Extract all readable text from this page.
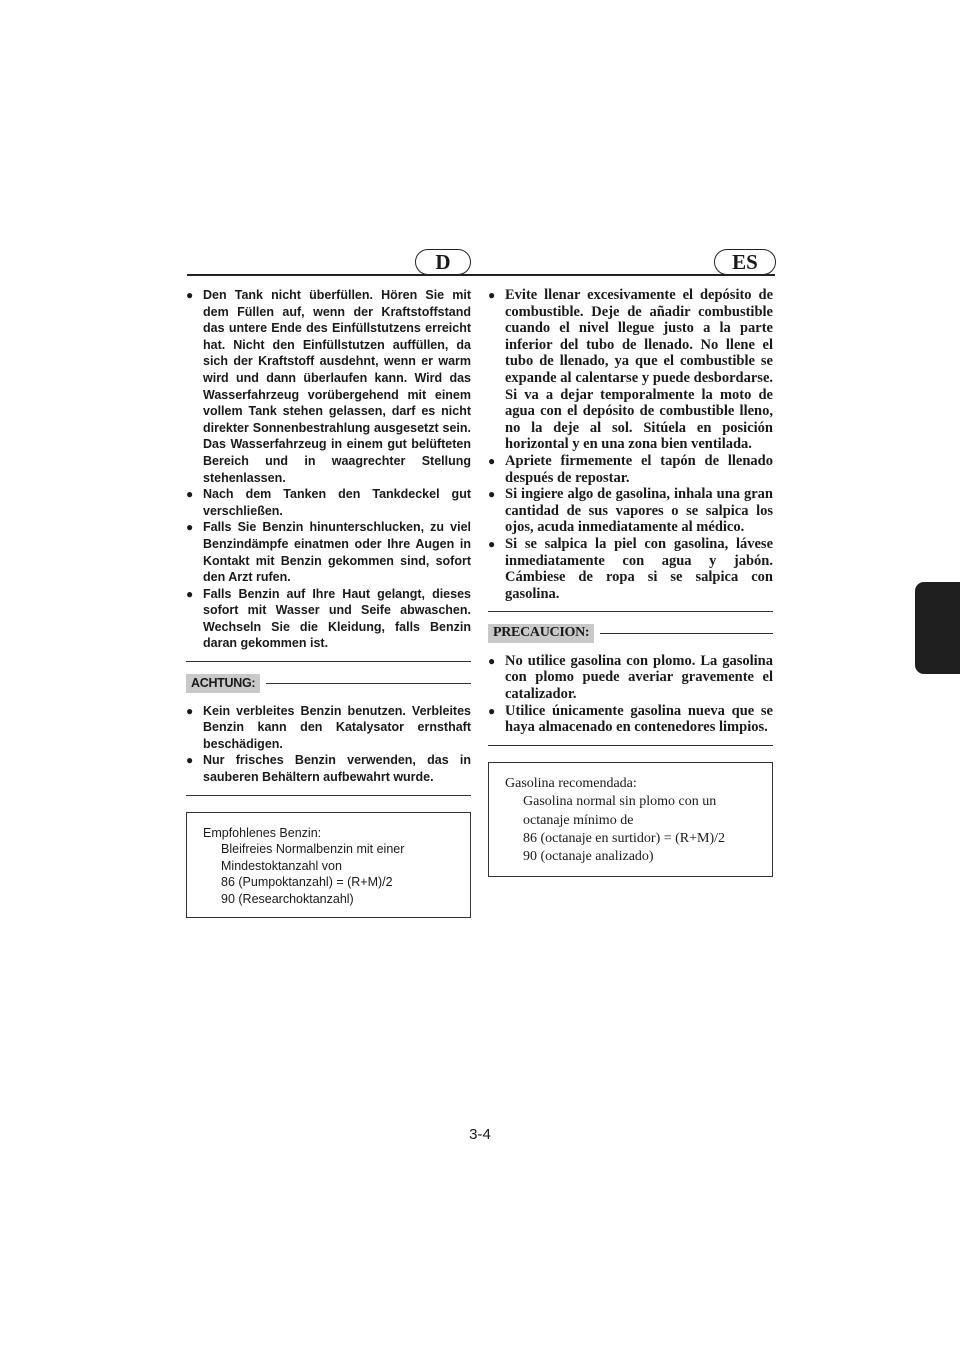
D	ES
● Den Tank nicht überfüllen. Hören Sie mit dem Füllen auf, wenn der Kraftstoffstand das untere Ende des Einfüllstutzens erreicht hat. Nicht den Einfüllstutzen auffüllen, da sich der Kraftstoff ausdehnt, wenn er warm wird und dann überlaufen kann. Wird das Wasserfahrzeug vorübergehend mit einem vollem Tank stehen gelassen, darf es nicht direkter Sonnenbestrahlung ausgesetzt sein. Das Wasserfahrzeug in einem gut belüfteten Bereich und in waagrechter Stellung stehenlassen.
● Nach dem Tanken den Tankdeckel gut verschließen.
● Falls Sie Benzin hinunterschlucken, zu viel Benzindämpfe einatmen oder Ihre Augen in Kontakt mit Benzin gekommen sind, sofort den Arzt rufen.
● Falls Benzin auf Ihre Haut gelangt, dieses sofort mit Wasser und Seife abwaschen. Wechseln Sie die Kleidung, falls Benzin daran gekommen ist.
ACHTUNG:
● Kein verbleites Benzin benutzen. Verbleites Benzin kann den Katalysator ernsthaft beschädigen.
● Nur frisches Benzin verwenden, das in sauberen Behältern aufbewahrt wurde.
Empfohlenes Benzin:
Bleifreies Normalbenzin mit einer
Mindestoktanzahl von
86 (Pumpoktanzahl) = (R+M)/2
90 (Researchoktanzahl)
● Evite llenar excesivamente el depósito de combustible. Deje de añadir combustible cuando el nivel llegue justo a la parte inferior del tubo de llenado. No llene el tubo de llenado, ya que el combustible se expande al calentarse y puede desbordarse. Si va a dejar temporalmente la moto de agua con el depósito de combustible lleno, no la deje al sol. Sitúela en posición horizontal y en una zona bien ventilada.
● Apriete firmemente el tapón de llenado después de repostar.
● Si ingiere algo de gasolina, inhala una gran cantidad de sus vapores o se salpica los ojos, acuda inmediatamente al médico.
● Si se salpica la piel con gasolina, lávese inmediatamente con agua y jabón. Cámbiese de ropa si se salpica con gasolina.
PRECAUCION:
● No utilice gasolina con plomo. La gasolina con plomo puede averiar gravemente el catalizador.
● Utilice únicamente gasolina nueva que se haya almacenado en contenedores limpios.
Gasolina recomendada:
Gasolina normal sin plomo con un
octanaje mínimo de
86 (octanaje en surtidor) = (R+M)/2
90 (octanaje analizado)
3-4
